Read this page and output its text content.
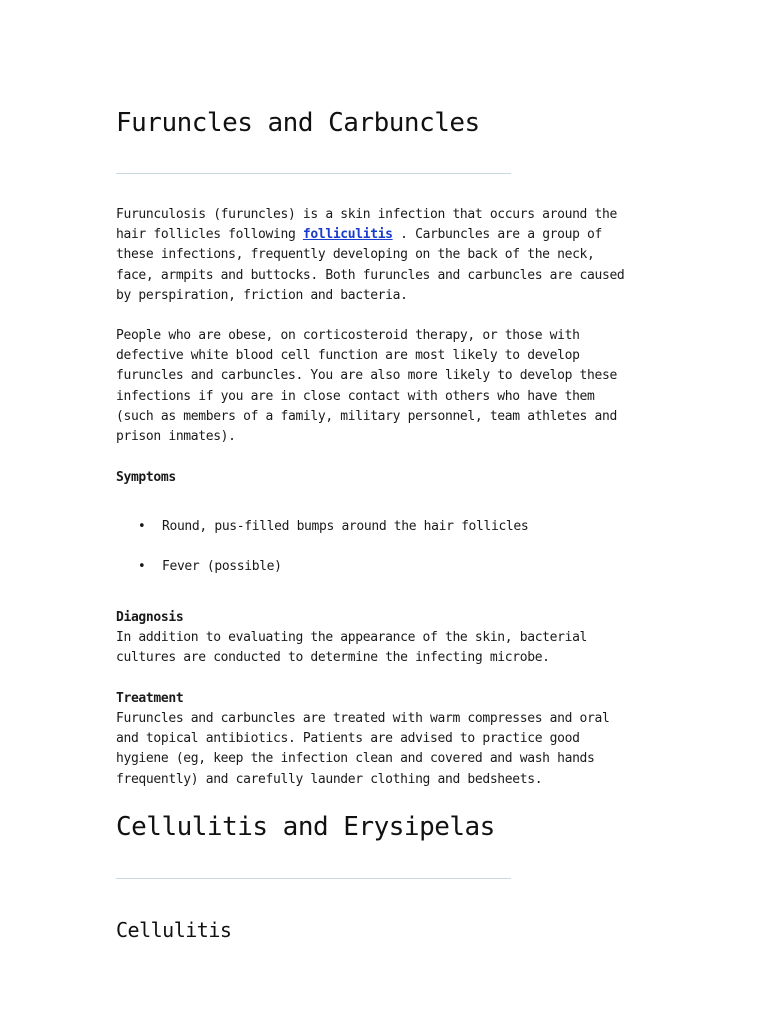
Furuncles and Carbuncles

Furunculosis (furuncles) is a skin infection that occurs around the
hair follicles following folliculitis . Carbuncles are a group of
these infections, frequently developing on the back of the neck,
face, armpits and buttocks. Both furuncles and carbuncles are caused
by perspiration, friction and bacteria.

People who are obese, on corticosteroid therapy, or those with
defective white blood cell function are most likely to develop
furuncles and carbuncles. You are also more likely to develop these
infections if you are in close contact with others who have them
(such as members of a family, military personnel, team athletes and
prison inmates).

Symptoms

• Round, pus-filled bumps around the hair follicles
• Fever (possible)

Diagnosis

In addition to evaluating the appearance of the skin, bacterial
cultures are conducted to determine the infecting microbe.

Treatment

Furuncles and carbuncles are treated with warm compresses and oral
and topical antibiotics. Patients are advised to practice good
hygiene (eg, keep the infection clean and covered and wash hands
frequently) and carefully launder clothing and bedsheets.

Cellulitis and Erysipelas
Cellulitis
